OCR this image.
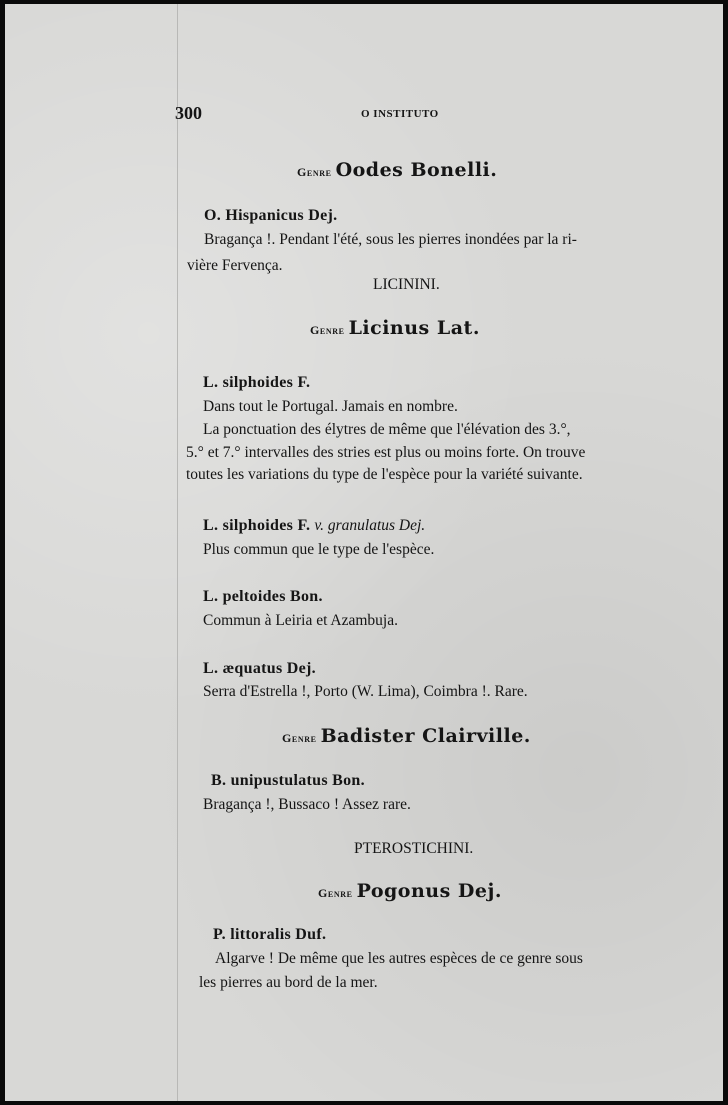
300	O INSTITUTO
Genre Oodes Bonelli.
O. Hispanicus Dej.
Bragança !. Pendant l'été, sous les pierres inondées par la ri-
vière Fervença.
LICININI.
Genre Licinus Lat.
L. silphoides F.
Dans tout le Portugal. Jamais en nombre.
La ponctuation des élytres de même que l'élévation des 3.°,
5.° et 7.° intervalles des stries est plus ou moins forte. On trouve
toutes les variations du type de l'espèce pour la variété suivante.
L. silphoides F. v. granulatus Dej.
Plus commun que le type de l'espèce.
L. peltoides Bon.
Commun à Leiria et Azambuja.
L. æquatus Dej.
Serra d'Estrella !, Porto (W. Lima), Coimbra !. Rare.
Genre Badister Clairville.
B. unipustulatus Bon.
Bragança !, Bussaco ! Assez rare.
PTEROSTICHINI.
Genre Pogonus Dej.
P. littoralis Duf.
Algarve ! De même que les autres espèces de ce genre sous
les pierres au bord de la mer.
